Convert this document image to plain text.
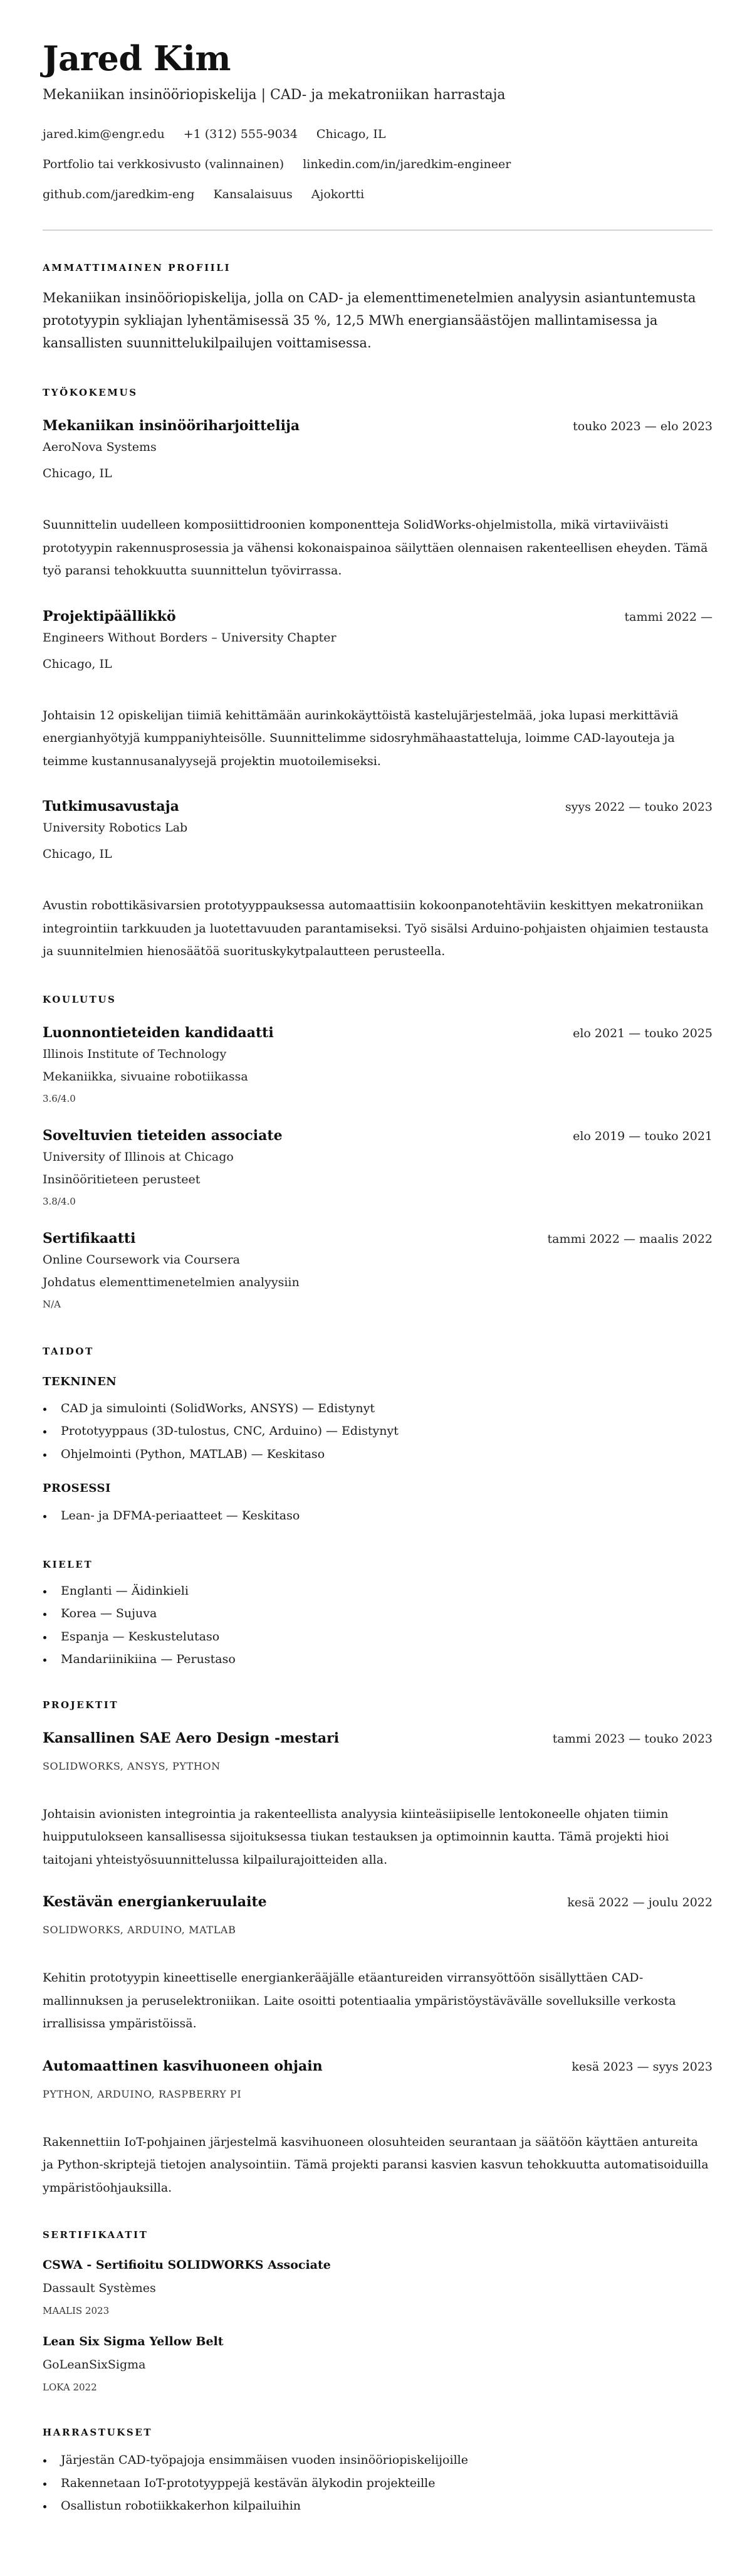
Jared Kim
Mekaniikan insinööriopiskelija | CAD- ja mekatroniikan harrastaja
jared.kim@engr.edu +1 (312) 555-9034 Chicago, IL
Portfolio tai verkkosivusto (valinnainen) linkedin.com/in/jaredkim-engineer
github.com/jaredkim-eng Kansalaisuus Ajokortti
AMMATTIMAINEN PROFIILI
Mekaniikan insinööriopiskelija, jolla on CAD- ja elementtimenetelmien analyysin asiantuntemusta prototyypin sykliajan lyhentämisessä 35 %, 12,5 MWh energiansäästöjen mallintamisessa ja kansallisten suunnittelukilpailujen voittamisessa.
TYÖKOKEMUS
Mekaniikan insinööriharjoittelija	touko 2023 — elo 2023
AeroNova Systems
Chicago, IL
Suunnittelin uudelleen komposiittidroonien komponentteja SolidWorks-ohjelmistolla, mikä virtaviiväisti prototyypin rakennusprosessia ja vähensi kokonaispainoa säilyttäen olennaisen rakenteellisen eheyden. Tämä työ paransi tehokkuutta suunnittelun työvirrassa.
Projektipäällikkö	tammi 2022 —
Engineers Without Borders – University Chapter
Chicago, IL
Johtaisin 12 opiskelijan tiimiä kehittämään aurinkokäyttöistä kastelujärjestelmää, joka lupasi merkittäviä energianhyötyjä kumppaniyhteisölle. Suunnittelimme sidosryhmähaastatteluja, loimme CAD-layouteja ja teimme kustannusanalyysejä projektin muotoilemiseksi.
Tutkimusavustaja	syys 2022 — touko 2023
University Robotics Lab
Chicago, IL
Avustin robottikäsivarsien prototyyppauksessa automaattisiin kokoonpanotehtäviin keskittyen mekatroniikan integrointiin tarkkuuden ja luotettavuuden parantamiseksi. Työ sisälsi Arduino-pohjaisten ohjaimien testausta ja suunnitelmien hienosäätöä suorituskykytpalautteen perusteella.
KOULUTUS
Luonnontieteiden kandidaatti	elo 2021 — touko 2025
Illinois Institute of Technology
Mekaniikka, sivuaine robotiikassa
3.6/4.0
Soveltuvien tieteiden associate	elo 2019 — touko 2021
University of Illinois at Chicago
Insinööritieteen perusteet
3.8/4.0
Sertifikaatti	tammi 2022 — maalis 2022
Online Coursework via Coursera
Johdatus elementtimenetelmien analyysiin
N/A
TAIDOT
TEKNINEN
CAD ja simulointi (SolidWorks, ANSYS) — Edistynyt
Prototyyppaus (3D-tulostus, CNC, Arduino) — Edistynyt
Ohjelmointi (Python, MATLAB) — Keskitaso
PROSESSI
Lean- ja DFMA-periaatteet — Keskitaso
KIELET
Englanti — Äidinkieli
Korea — Sujuva
Espanja — Keskustelutaso
Mandariinikiina — Perustaso
PROJEKTIT
Kansallinen SAE Aero Design -mestari	tammi 2023 — touko 2023
SOLIDWORKS, ANSYS, PYTHON
Johtaisin avionisten integrointia ja rakenteellista analyysia kiinteäsiipiselle lentokoneelle ohjaten tiimin huipputulokseen kansallisessa sijoituksessa tiukan testauksen ja optimoinnin kautta. Tämä projekti hioi taitojani yhteistyösuunnittelussa kilpailurajoitteiden alla.
Kestävän energiankeruulaite	kesä 2022 — joulu 2022
SOLIDWORKS, ARDUINO, MATLAB
Kehitin prototyypin kineettiselle energiankerääjälle etäantureiden virransyöttöön sisällyttäen CAD-mallinnuksen ja peruselektroniikan. Laite osoitti potentiaalia ympäristöystävävälle sovelluksille verkosta irrallisissa ympäristöissä.
Automaattinen kasvihuoneen ohjain	kesä 2023 — syys 2023
PYTHON, ARDUINO, RASPBERRY PI
Rakennettiin IoT-pohjainen järjestelmä kasvihuoneen olosuhteiden seurantaan ja säätöön käyttäen antureita ja Python-skriptejä tietojen analysointiin. Tämä projekti paransi kasvien kasvun tehokkuutta automatisoiduilla ympäristöohjauksilla.
SERTIFIKAATIT
CSWA - Sertifioitu SOLIDWORKS Associate
Dassault Systèmes
MAALIS 2023
Lean Six Sigma Yellow Belt
GoLeanSixSigma
LOKA 2022
HARRASTUKSET
Järjestän CAD-työpajoja ensimmäisen vuoden insinööriopiskelijoille
Rakennetaan IoT-prototyyppejä kestävän älykodin projekteille
Osallistun robotiikkakerhon kilpailuihin
